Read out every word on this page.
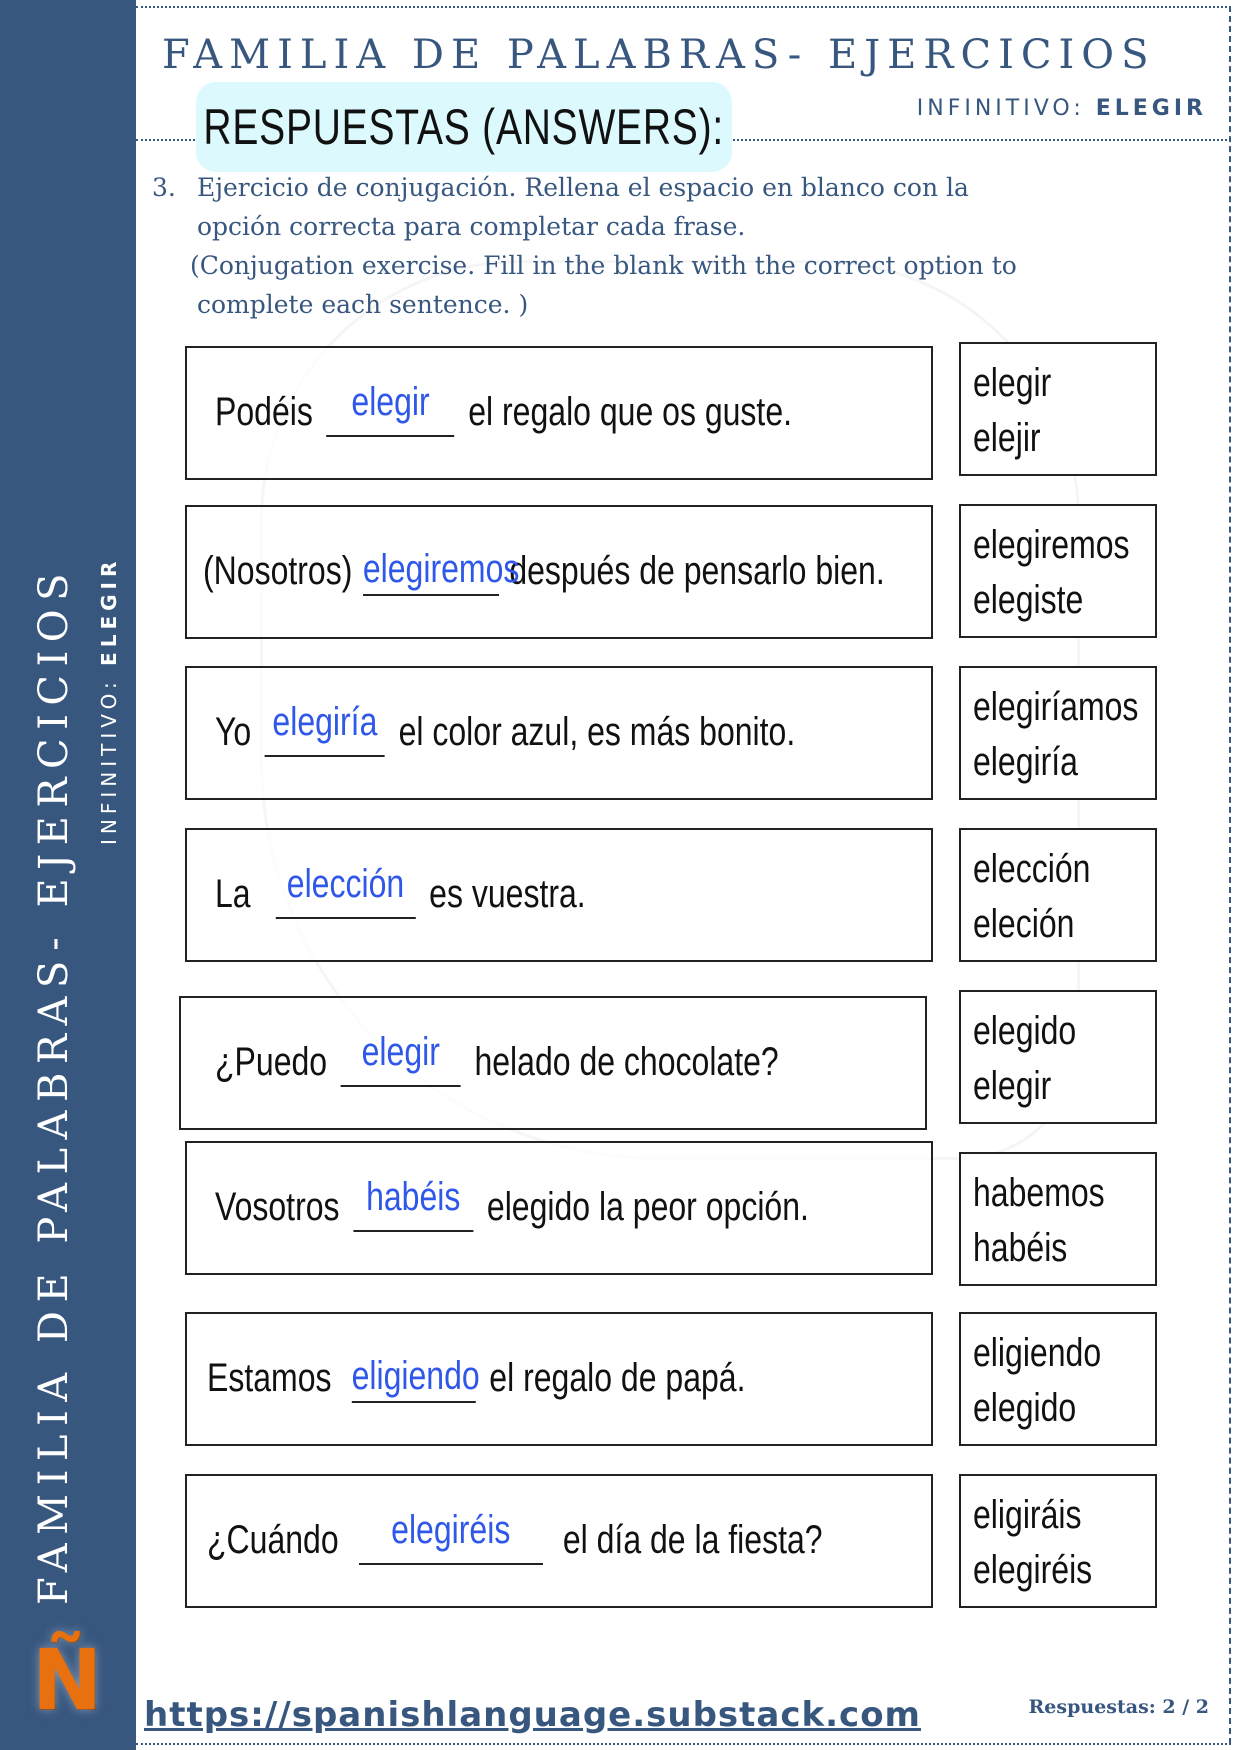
FAMILIA DE PALABRAS- EJERCICIOS INFINITIVO: ELEGIR
Ñ
FAMILIA DE PALABRAS- EJERCICIOS
INFINITIVO: ELEGIR
RESPUESTAS (ANSWERS):
3. Ejercicio de conjugación. Rellena el espacio en blanco con la
opción correcta para completar cada frase.
(Conjugation exercise. Fill in the blank with the correct option to
complete each sentence. )
Podéis elegir el regalo que os guste.
elegir
elejir
(Nosotros) elegiremos después de pensarlo bien.
elegiremos
elegiste
Yo elegiría el color azul, es más bonito.
elegiríamos
elegiría
La elección es vuestra.
elección
eleción
¿Puedo elegir helado de chocolate?
elegido
elegir
Vosotros habéis elegido la peor opción.	habemos
habéis
Estamos eligiendo el regalo de papá.
eligiendo
elegido
¿Cuándo elegiréis el día de la fiesta?
eligiráis
elegiréis
https://spanishlanguage.substack.com	Respuestas: 2 / 2
